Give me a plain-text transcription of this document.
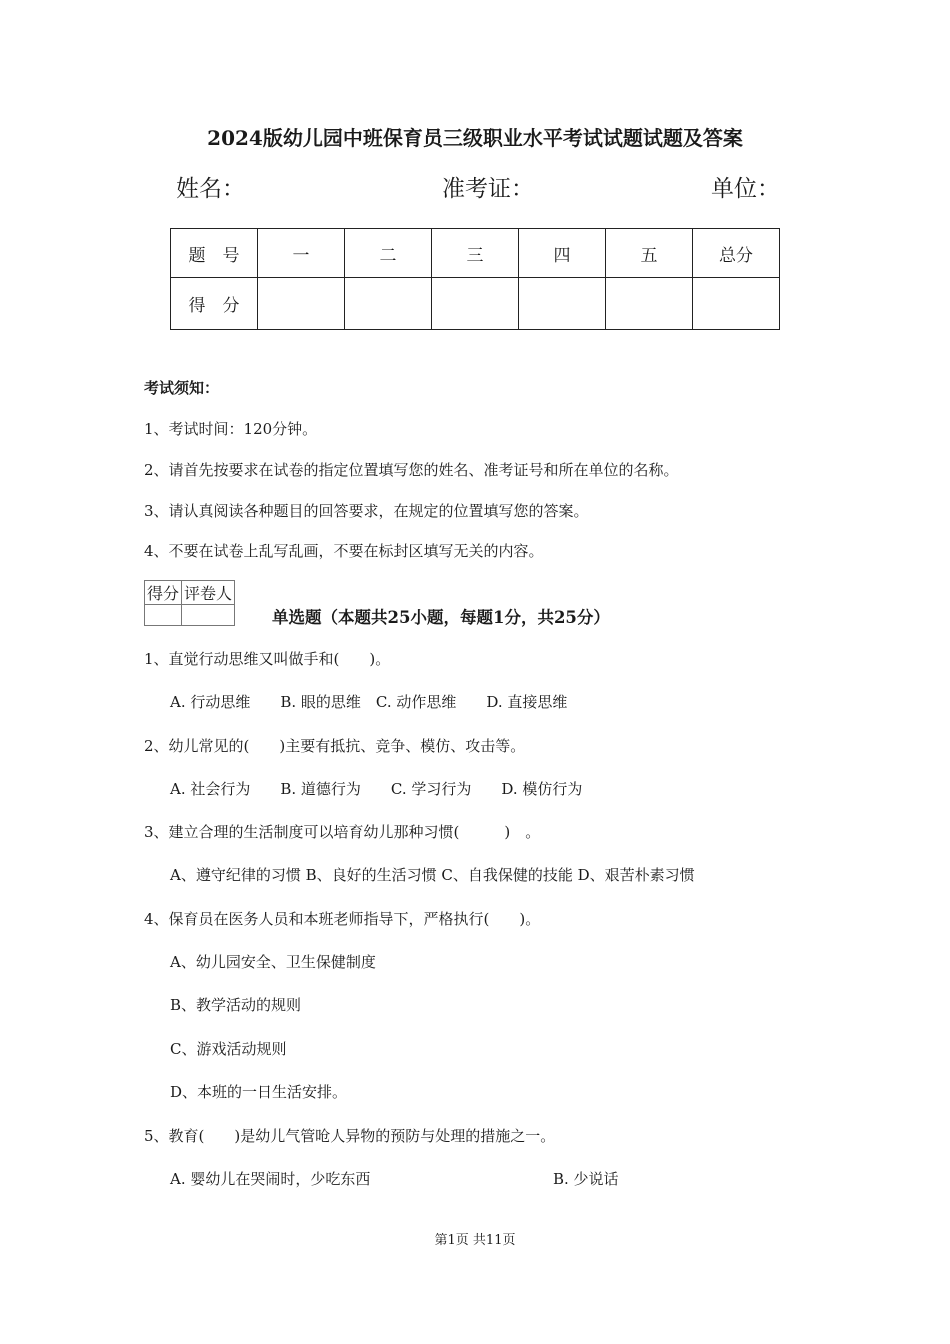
2024版幼儿园中班保育员三级职业水平考试试题试题及答案
姓名：	准考证：	单位：
题　号	一	二	三	四	五	总分
得　分						
考试须知：
1、考试时间：120分钟。
2、请首先按要求在试卷的指定位置填写您的姓名、准考证号和所在单位的名称。
3、请认真阅读各种题目的回答要求，在规定的位置填写您的答案。
4、不要在试卷上乱写乱画，不要在标封区填写无关的内容。
得分	评卷人

单选题（本题共25小题，每题1分，共25分）
1、直觉行动思维又叫做手和(　　)。
A. 行动思维　　B. 眼的思维　C. 动作思维　　D. 直接思维
2、幼儿常见的(　　)主要有抵抗、竞争、模仿、攻击等。
A. 社会行为　　B. 道德行为　　C. 学习行为　　D. 模仿行为
3、建立合理的生活制度可以培育幼儿那种习惯(　　　)　。
A、遵守纪律的习惯 B、良好的生活习惯 C、自我保健的技能 D、艰苦朴素习惯
4、保育员在医务人员和本班老师指导下，严格执行(　　)。
A、幼儿园安全、卫生保健制度
B、教学活动的规则
C、游戏活动规则
D、本班的一日生活安排。
5、教育(　　)是幼儿气管呛人异物的预防与处理的措施之一。
A. 婴幼儿在哭闹时，少吃东西	B. 少说话
第1页 共11页
